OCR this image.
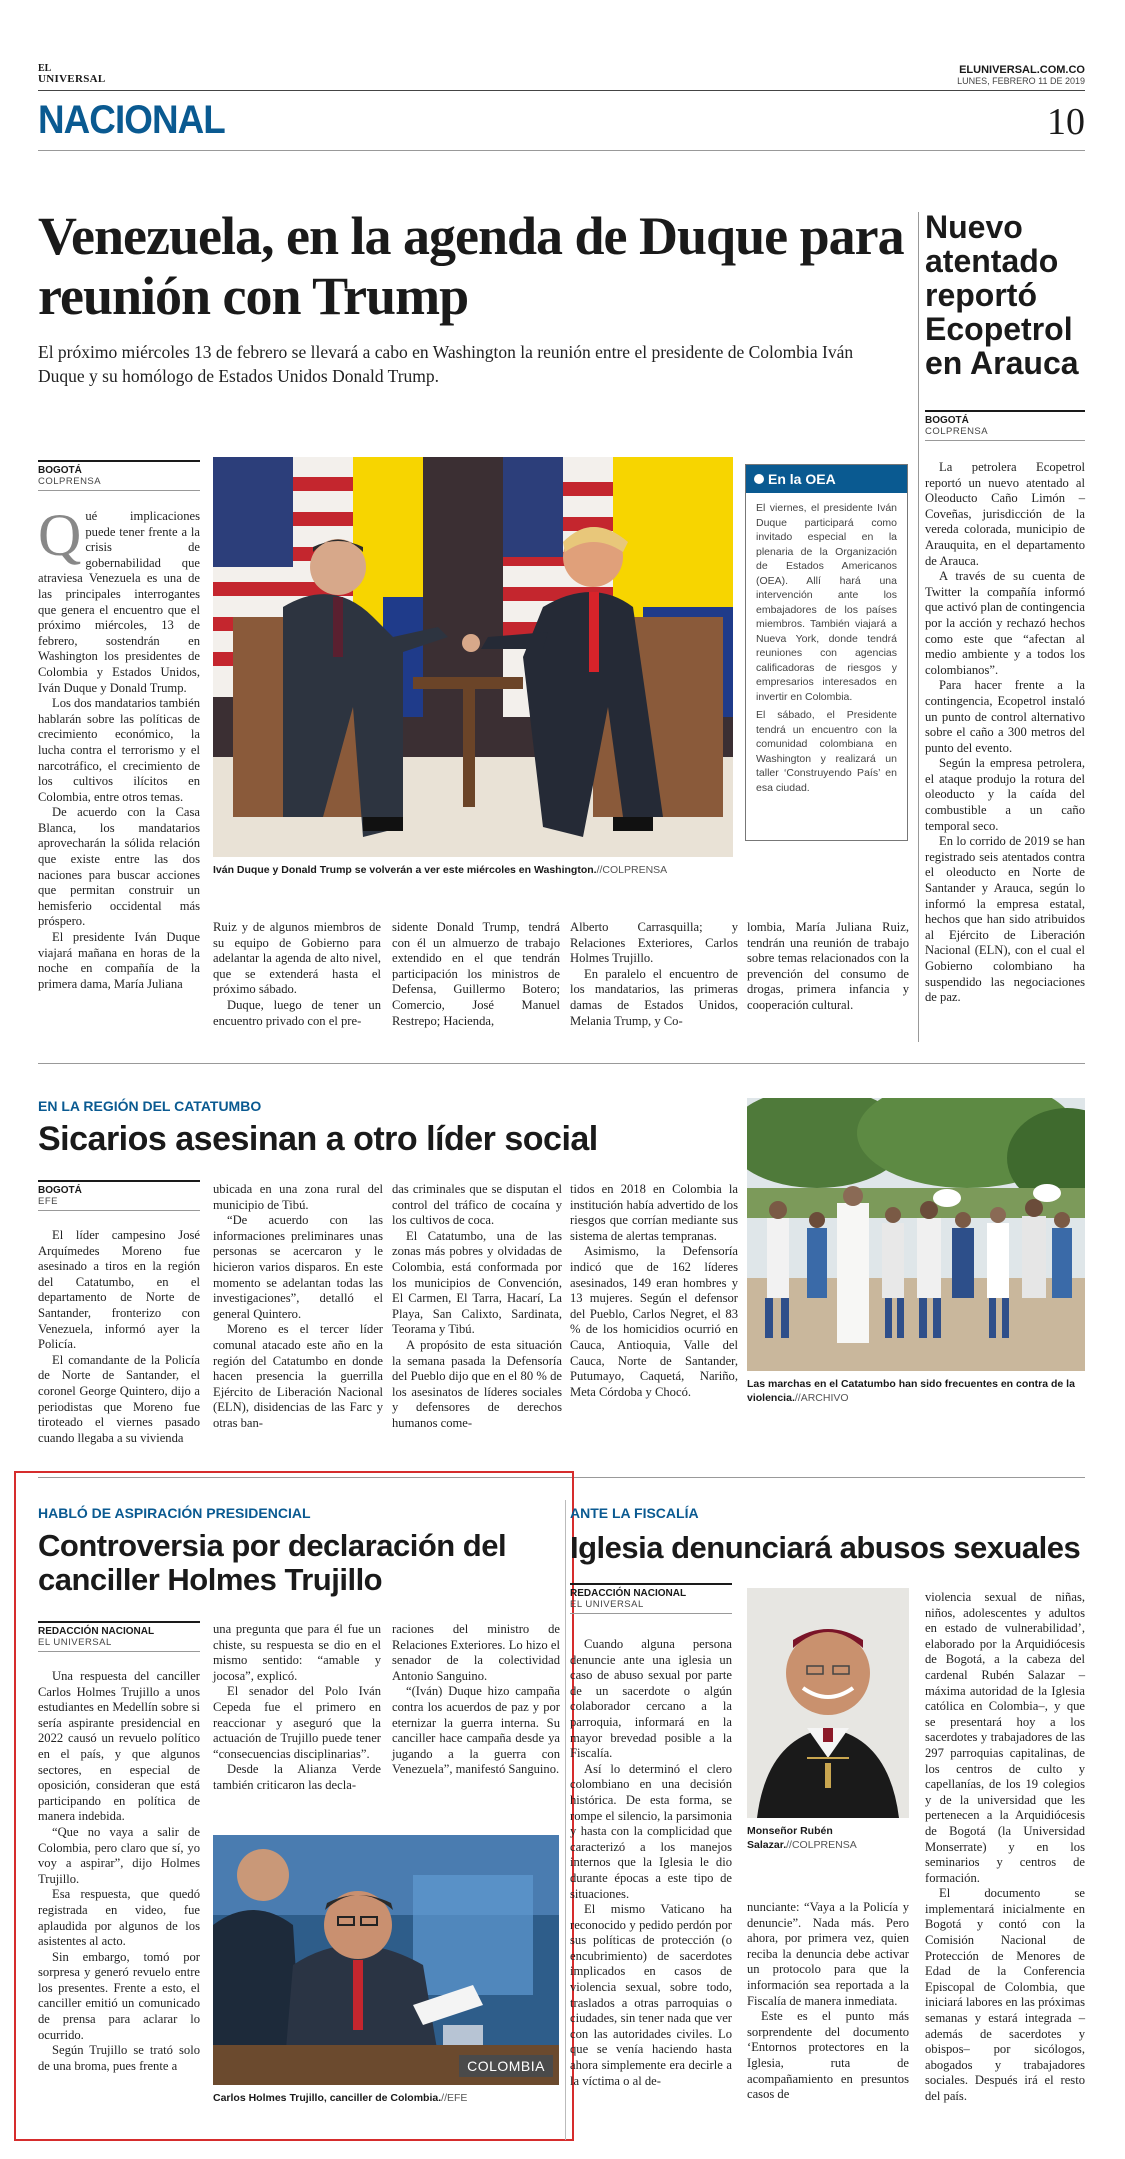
EL
UNIVERSAL
ELUNIVERSAL.COM.CO
LUNES, FEBRERO 11 DE 2019
NACIONAL	10
Venezuela, en la agenda de Duque para reunión con Trump
El próximo miércoles 13 de febrero se llevará a cabo en Washington la reunión entre el presidente de Colombia Iván Duque y su homólogo de Estados Unidos Donald Trump.
BOGOTÁ
COLPRENSA

Qué implicaciones puede tener frente a la crisis de gobernabilidad que atraviesa Venezuela es una de las principales interrogantes que genera el encuentro que el próximo miércoles, 13 de febrero, sostendrán en Washington los presidentes de Colombia y Estados Unidos, Iván Duque y Donald Trump.

Los dos mandatarios también hablarán sobre las políticas de crecimiento económico, la lucha contra el terrorismo y el narcotráfico, el crecimiento de los cultivos ilícitos en Colombia, entre otros temas.

De acuerdo con la Casa Blanca, los mandatarios aprovecharán la sólida relación que existe entre las dos naciones para buscar acciones que permitan construir un hemisferio occidental más próspero.

El presidente Iván Duque viajará mañana en horas de la noche en compañía de la primera dama, María Juliana

Iván Duque y Donald Trump se volverán a ver este miércoles en Washington.//COLPRENSA
En la OEA

El viernes, el presidente Iván Duque participará como invitado especial en la plenaria de la Organización de Estados Americanos (OEA). Allí hará una intervención ante los embajadores de los países miembros. También viajará a Nueva York, donde tendrá reuniones con agencias calificadoras de riesgos y empresarios interesados en invertir en Colombia.

El sábado, el Presidente tendrá un encuentro con la comunidad colombiana en Washington y realizará un taller ‘Construyendo País’ en esa ciudad.

Ruiz y de algunos miembros de su equipo de Gobierno para adelantar la agenda de alto nivel, que se extenderá hasta el próximo sábado.

Duque, luego de tener un encuentro privado con el pre-

sidente Donald Trump, tendrá con él un almuerzo de trabajo extendido en el que tendrán participación los ministros de Defensa, Guillermo Botero; Comercio, José Manuel Restrepo; Hacienda,

Alberto Carrasquilla; y Relaciones Exteriores, Carlos Holmes Trujillo.

En paralelo el encuentro de los mandatarios, las primeras damas de Estados Unidos, Melania Trump, y Co-

lombia, María Juliana Ruiz, tendrán una reunión de trabajo sobre temas relacionados con la prevención del consumo de drogas, primera infancia y cooperación cultural.

Nuevo atentado reportó Ecopetrol en Arauca
BOGOTÁ
COLPRENSA

La petrolera Ecopetrol reportó un nuevo atentado al Oleoducto Caño Limón – Coveñas, jurisdicción de la vereda colorada, municipio de Arauquita, en el departamento de Arauca.

A través de su cuenta de Twitter la compañía informó que activó plan de contingencia por la acción y rechazó hechos como este que “afectan al medio ambiente y a todos los colombianos”.

Para hacer frente a la contingencia, Ecopetrol instaló un punto de control alternativo sobre el caño a 300 metros del punto del evento.

Según la empresa petrolera, el ataque produjo la rotura del oleoducto y la caída del combustible a un caño temporal seco.

En lo corrido de 2019 se han registrado seis atentados contra el oleoducto en Norte de Santander y Arauca, según lo informó la empresa estatal, hechos que han sido atribuidos al Ejército de Liberación Nacional (ELN), con el cual el Gobierno colombiano ha suspendido las negociaciones de paz.

EN LA REGIÓN DEL CATATUMBO
Sicarios asesinan a otro líder social
BOGOTÁ
EFE

El líder campesino José Arquímedes Moreno fue asesinado a tiros en la región del Catatumbo, en el departamento de Norte de Santander, fronterizo con Venezuela, informó ayer la Policía.

El comandante de la Policía de Norte de Santander, el coronel George Quintero, dijo a periodistas que Moreno fue tiroteado el viernes pasado cuando llegaba a su vivienda

ubicada en una zona rural del municipio de Tibú.

“De acuerdo con las informaciones preliminares unas personas se acercaron y le hicieron varios disparos. En este momento se adelantan todas las investigaciones”, detalló el general Quintero.

Moreno es el tercer líder comunal atacado este año en la región del Catatumbo en donde hacen presencia la guerrilla Ejército de Liberación Nacional (ELN), disidencias de las Farc y otras ban-

das criminales que se disputan el control del tráfico de cocaína y los cultivos de coca.

El Catatumbo, una de las zonas más pobres y olvidadas de Colombia, está conformada por los municipios de Convención, El Carmen, El Tarra, Hacarí, La Playa, San Calixto, Sardinata, Teorama y Tibú.

A propósito de esta situación la semana pasada la Defensoría del Pueblo dijo que en el 80 % de los asesinatos de líderes sociales y defensores de derechos humanos come-

tidos en 2018 en Colombia la institución había advertido de los riesgos que corrían mediante sus sistema de alertas tempranas.

Asimismo, la Defensoría indicó que de 162 líderes asesinados, 149 eran hombres y 13 mujeres. Según el defensor del Pueblo, Carlos Negret, el 83 % de los homicidios ocurrió en Cauca, Antioquia, Valle del Cauca, Norte de Santander, Putumayo, Caquetá, Nariño, Meta Córdoba y Chocó.

Las marchas en el Catatumbo han sido frecuentes en contra de la violencia.//ARCHIVO
HABLÓ DE ASPIRACIÓN PRESIDENCIAL
Controversia por declaración del canciller Holmes Trujillo
REDACCIÓN NACIONAL
EL UNIVERSAL

Una respuesta del canciller Carlos Holmes Trujillo a unos estudiantes en Medellín sobre si sería aspirante presidencial en 2022 causó un revuelo político en el país, y que algunos sectores, en especial de oposición, consideran que está participando en política de manera indebida.

“Que no vaya a salir de Colombia, pero claro que sí, yo voy a aspirar”, dijo Holmes Trujillo.

Esa respuesta, que quedó registrada en video, fue aplaudida por algunos de los asistentes al acto.

Sin embargo, tomó por sorpresa y generó revuelo entre los presentes. Frente a esto, el canciller emitió un comunicado de prensa para aclarar lo ocurrido.

Según Trujillo se trató solo de una broma, pues frente a

una pregunta que para él fue un chiste, su respuesta se dio en el mismo sentido: “amable y jocosa”, explicó.

El senador del Polo Iván Cepeda fue el primero en reaccionar y aseguró que la actuación de Trujillo puede tener “consecuencias disciplinarias”.

Desde la Alianza Verde también criticaron las decla-

raciones del ministro de Relaciones Exteriores. Lo hizo el senador de la colectividad Antonio Sanguino.

“(Iván) Duque hizo campaña contra los acuerdos de paz y por eternizar la guerra interna. Su canciller hace campaña desde ya jugando a la guerra con Venezuela”, manifestó Sanguino.

COLOMBIA
Carlos Holmes Trujillo, canciller de Colombia.//EFE
ANTE LA FISCALÍA
Iglesia denunciará abusos sexuales
REDACCIÓN NACIONAL
EL UNIVERSAL

Cuando alguna persona denuncie ante una iglesia un caso de abuso sexual por parte de un sacerdote o algún colaborador cercano a la parroquia, informará en la mayor brevedad posible a la Fiscalía.

Así lo determinó el clero colombiano en una decisión histórica. De esta forma, se rompe el silencio, la parsimonia y hasta con la complicidad que caracterizó a los manejos internos que la Iglesia le dio durante épocas a este tipo de situaciones.

El mismo Vaticano ha reconocido y pedido perdón por sus políticas de protección (o encubrimiento) de sacerdotes implicados en casos de violencia sexual, sobre todo, traslados a otras parroquias o ciudades, sin tener nada que ver con las autoridades civiles. Lo que se venía haciendo hasta ahora simplemente era decirle a la víctima o al de-

Monseñor Rubén Salazar.//COLPRENSA

nunciante: “Vaya a la Policía y denuncie”. Nada más. Pero ahora, por primera vez, quien reciba la denuncia debe activar un protocolo para que la información sea reportada a la Fiscalía de manera inmediata.

Este es el punto más sorprendente del documento ‘Entornos protectores en la Iglesia, ruta de acompañamiento en presuntos casos de

violencia sexual de niñas, niños, adolescentes y adultos en estado de vulnerabilidad’, elaborado por la Arquidiócesis de Bogotá, a la cabeza del cardenal Rubén Salazar –máxima autoridad de la Iglesia católica en Colombia–, y que se presentará hoy a los sacerdotes y trabajadores de las 297 parroquias capitalinas, de los centros de culto y capellanías, de los 19 colegios y de la universidad que les pertenecen a la Arquidiócesis de Bogotá (la Universidad Monserrate) y en los seminarios y centros de formación.

El documento se implementará inicialmente en Bogotá y contó con la Comisión Nacional de Protección de Menores de Edad de la Conferencia Episcopal de Colombia, que iniciará labores en las próximas semanas y estará integrada –además de sacerdotes y obispos– por sicólogos, abogados y trabajadores sociales. Después irá el resto del país.
